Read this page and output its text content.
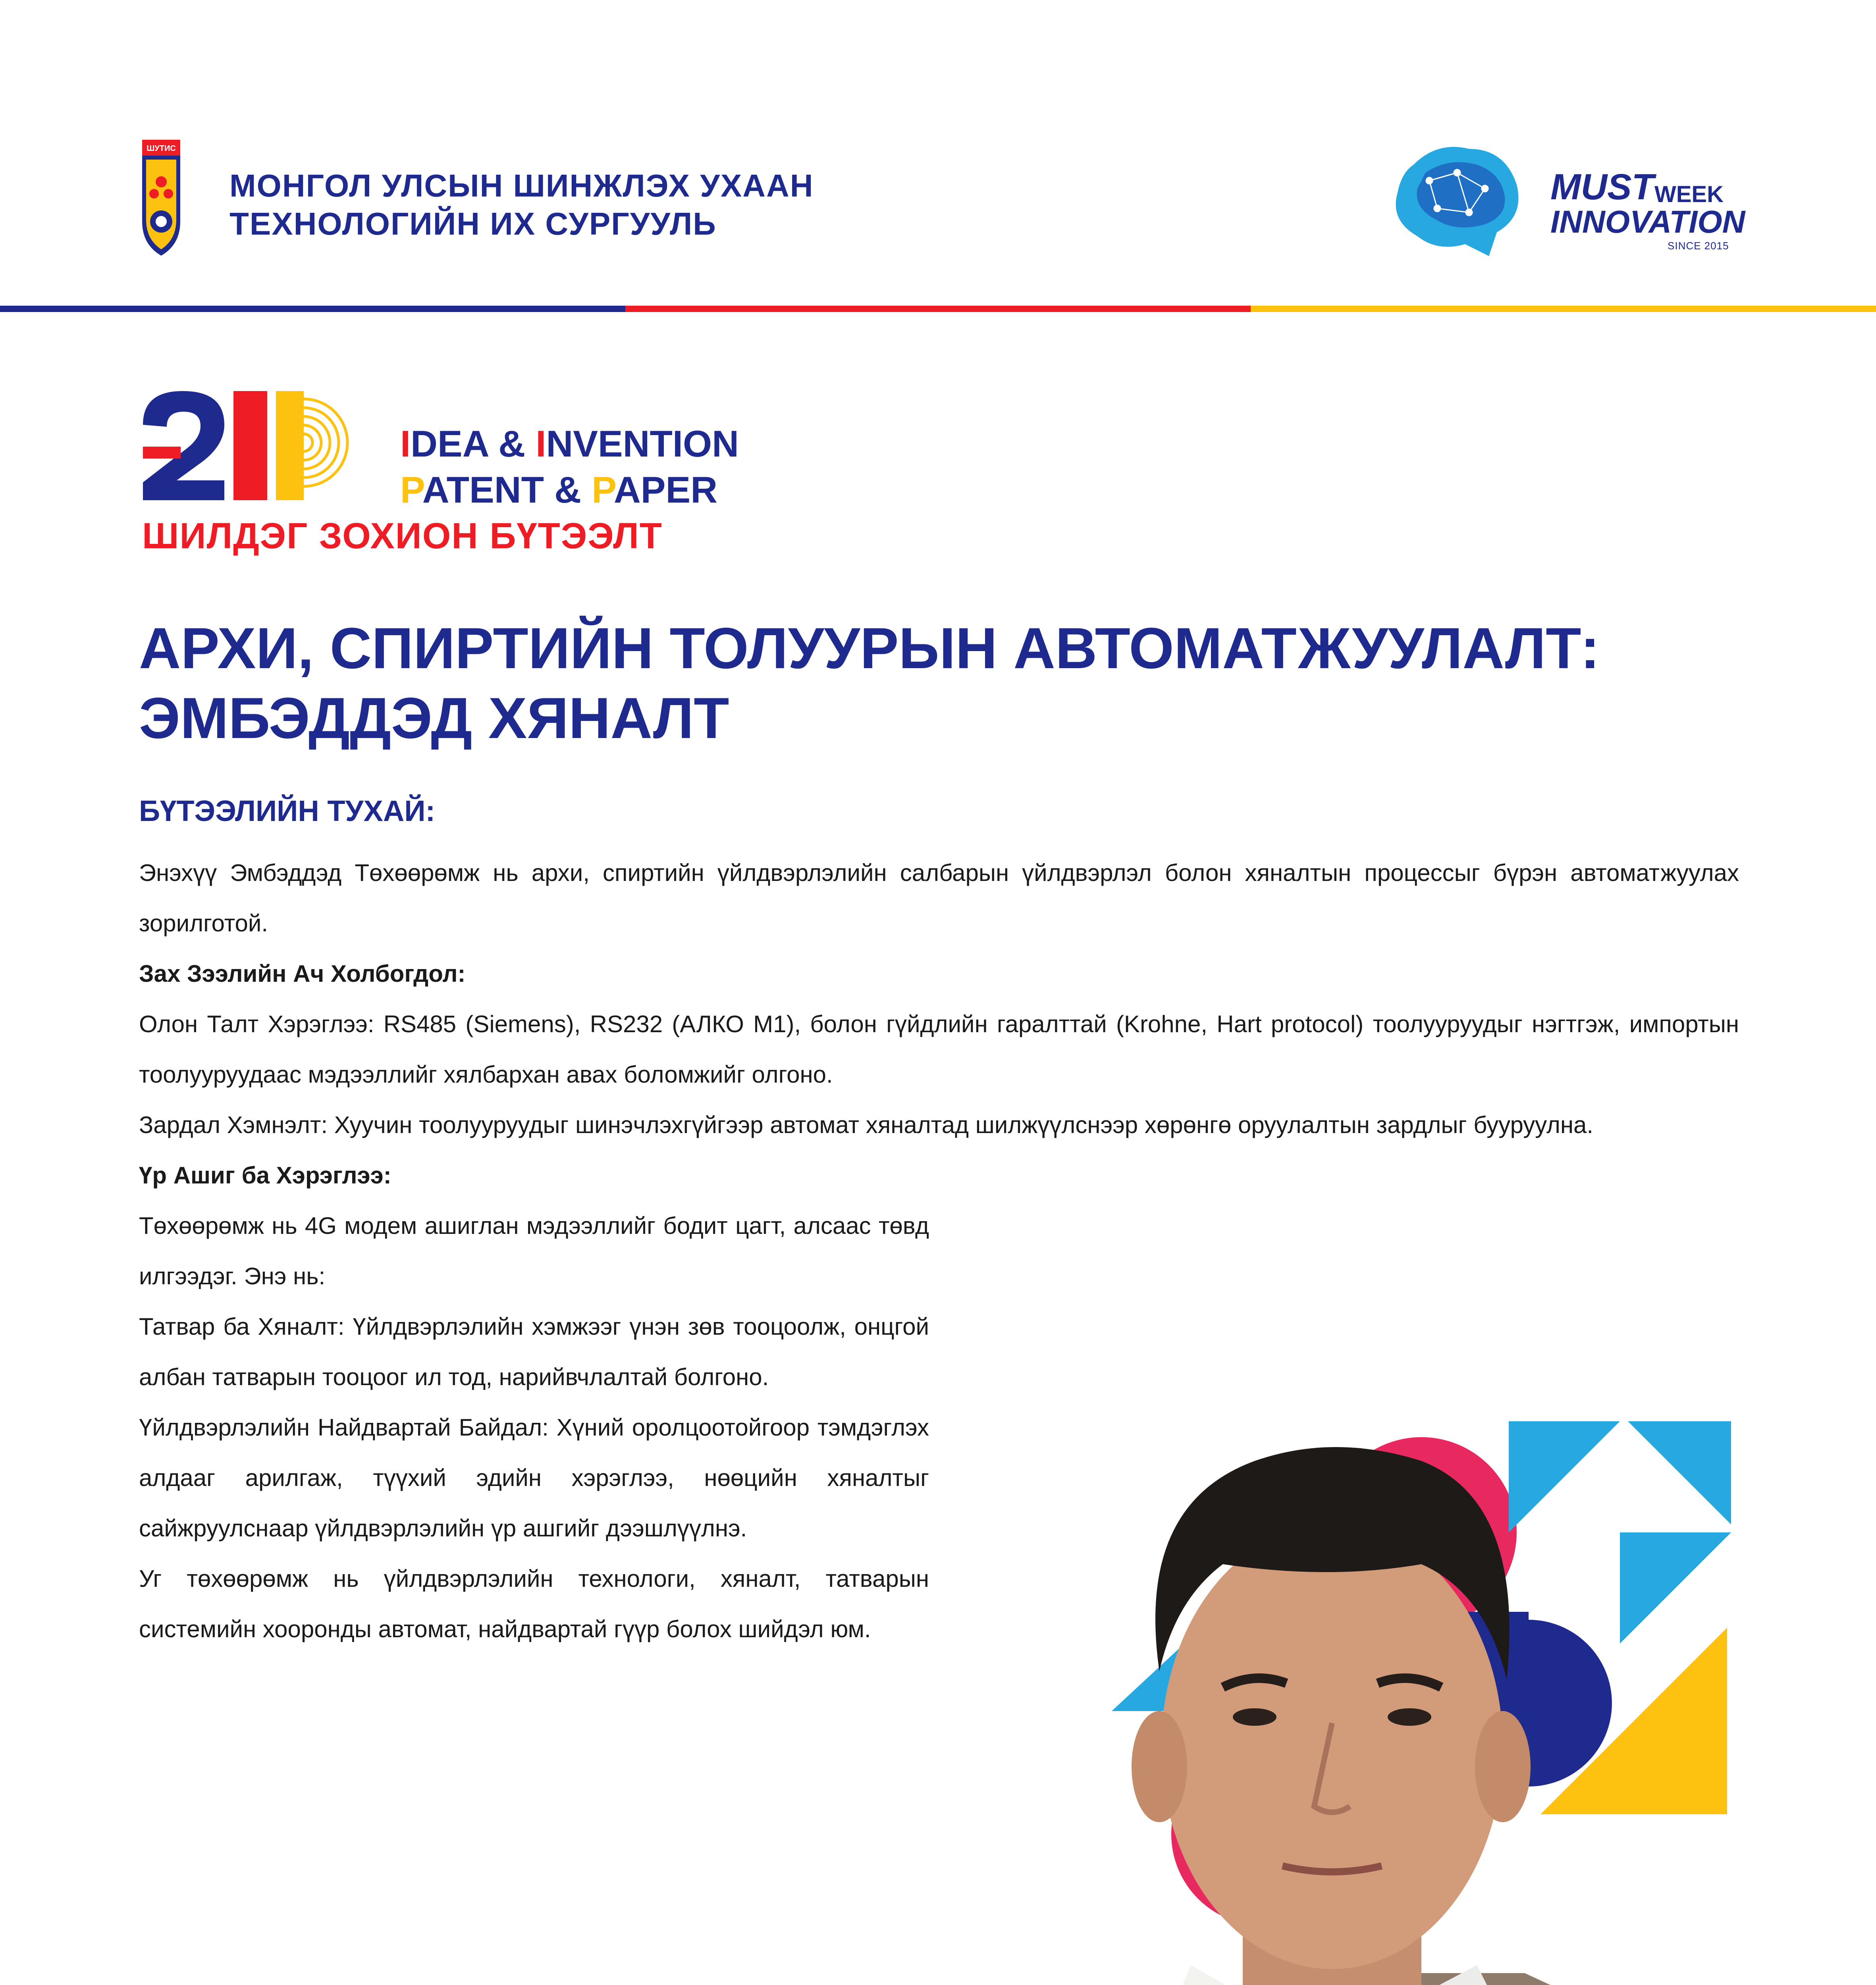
ШУТИС
МОНГОЛ УЛСЫН ШИНЖЛЭХ УХААН
ТЕХНОЛОГИЙН ИХ СУРГУУЛЬ
MUST WEEK
INNOVATION
SINCE 2015
IDEA & INVENTION
PATENT & PAPER
ШИЛДЭГ ЗОХИОН БҮТЭЭЛТ
АРХИ, СПИРТИЙН ТОЛУУРЫН АВТОМАТЖУУЛАЛТ:
ЭМБЭДДЭД ХЯНАЛТ
БҮТЭЭЛИЙН ТУХАЙ:

Энэхүү Эмбэддэд Төхөөрөмж нь архи, спиртийн үйлдвэрлэлийн салбарын үйлдвэрлэл болон хяналтын процессыг бүрэн автоматжуулах зорилготой.

Зах Зээлийн Ач Холбогдол:

Олон Талт Хэрэглээ: RS485 (Siemens), RS232 (АЛКО М1), болон гүйдлийн гаралттай (Krohne, Hart protocol) тоолууруудыг нэгтгэж, импортын тоолууруудаас мэдээллийг хялбархан авах боломжийг олгоно.

Зардал Хэмнэлт: Хуучин тоолууруудыг шинэчлэхгүйгээр автомат хяналтад шилжүүлснээр хөрөнгө оруулалтын зардлыг бууруулна.

Үр Ашиг ба Хэрэглээ:

Төхөөрөмж нь 4G модем ашиглан мэдээллийг бодит цагт, алсаас төвд илгээдэг. Энэ нь:

Татвар ба Хяналт: Үйлдвэрлэлийн хэмжээг үнэн зөв тооцоолж, онцгой албан татварын тооцоог ил тод, нарийвчлалтай болгоно.

Үйлдвэрлэлийн Найдвартай Байдал: Хүний оролцоотойгоор тэмдэглэх алдааг арилгаж, түүхий эдийн хэрэглээ, нөөцийн хяналтыг сайжруулснаар үйлдвэрлэлийн үр ашгийг дээшлүүлнэ.

Уг төхөөрөмж нь үйлдвэрлэлийн технологи, хяналт, татварын системийн хооронды автомат, найдвартай гүүр болох шийдэл юм.
